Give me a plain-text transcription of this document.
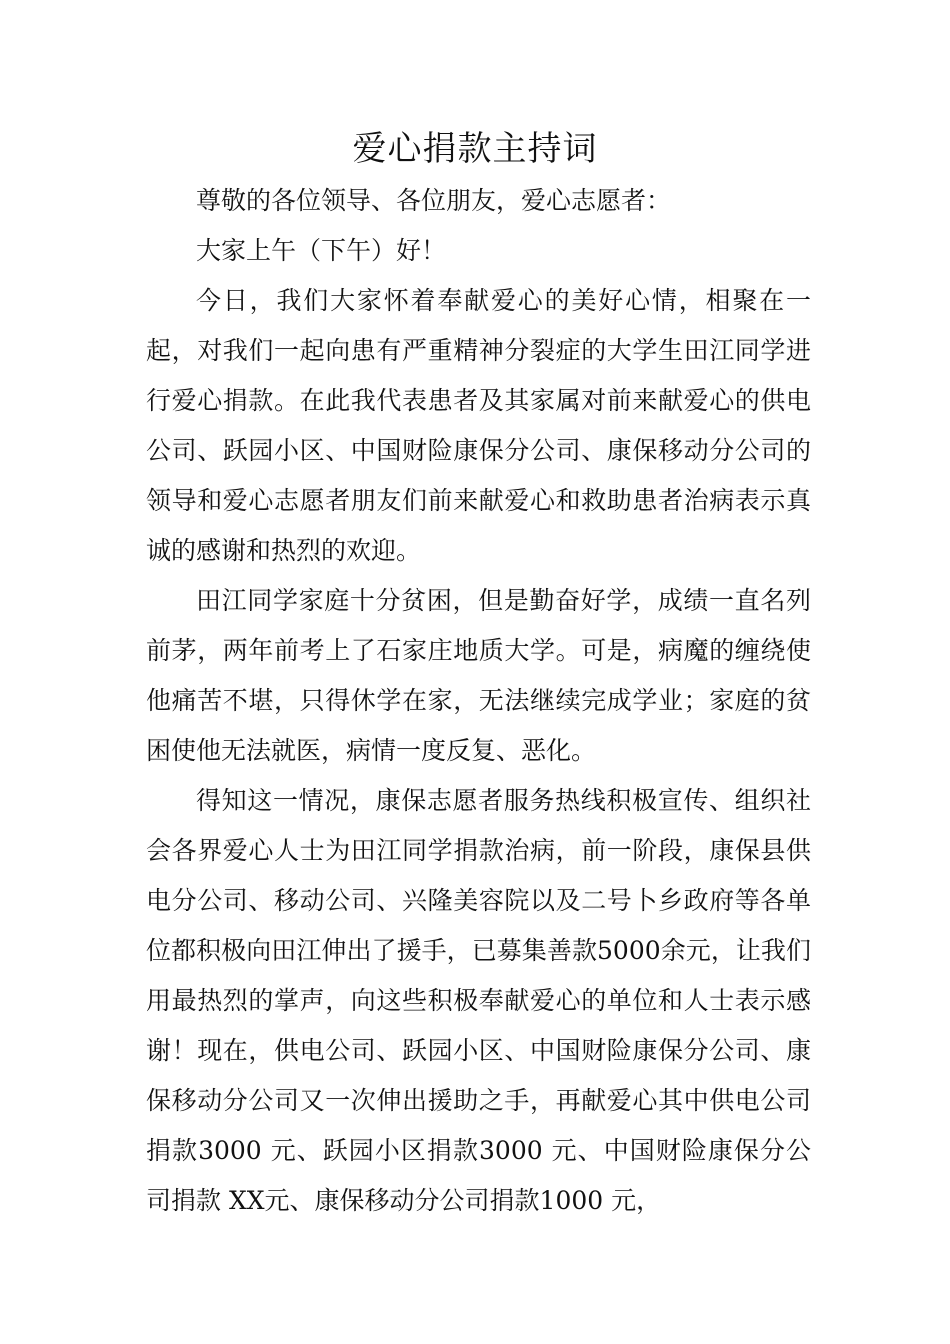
爱心捐款主持词

尊敬的各位领导、各位朋友，爱心志愿者：

大家上午（下午）好！

今日，我们大家怀着奉献爱心的美好心情，相聚在一起，对我们一起向患有严重精神分裂症的大学生田江同学进行爱心捐款。在此我代表患者及其家属对前来献爱心的供电公司、跃园小区、中国财险康保分公司、康保移动分公司的领导和爱心志愿者朋友们前来献爱心和救助患者治病表示真诚的感谢和热烈的欢迎。

田江同学家庭十分贫困，但是勤奋好学，成绩一直名列前茅，两年前考上了石家庄地质大学。可是，病魔的缠绕使他痛苦不堪，只得休学在家，无法继续完成学业；家庭的贫困使他无法就医，病情一度反复、恶化。

得知这一情况，康保志愿者服务热线积极宣传、组织社会各界爱心人士为田江同学捐款治病，前一阶段，康保县供电分公司、移动公司、兴隆美容院以及二号卜乡政府等各单位都积极向田江伸出了援手，已募集善款5000余元，让我们用最热烈的掌声，向这些积极奉献爱心的单位和人士表示感谢！现在，供电公司、跃园小区、中国财险康保分公司、康保移动分公司又一次伸出援助之手，再献爱心其中供电公司捐款3000 元、跃园小区捐款3000 元、中国财险康保分公司捐款 XX元、康保移动分公司捐款1000 元，
